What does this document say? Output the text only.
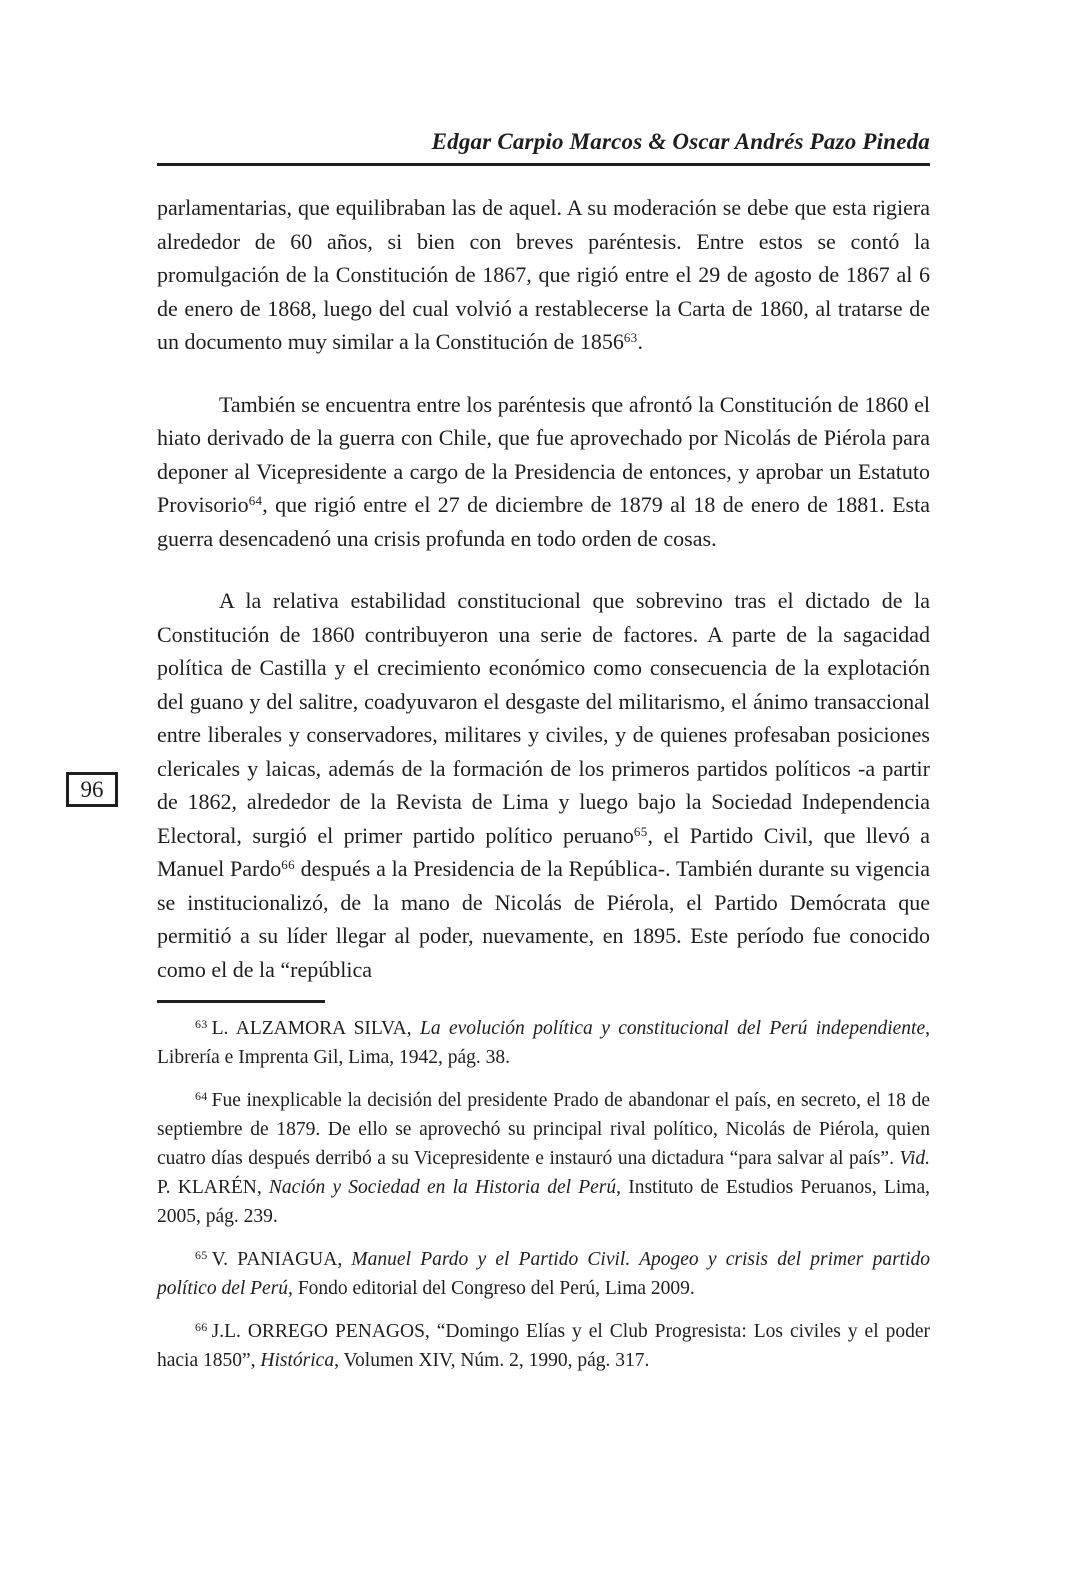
96
Edgar Carpio Marcos & Oscar Andrés Pazo Pineda

parlamentarias, que equilibraban las de aquel. A su moderación se debe que esta rigiera alrededor de 60 años, si bien con breves paréntesis. Entre estos se contó la promulgación de la Constitución de 1867, que rigió entre el 29 de agosto de 1867 al 6 de enero de 1868, luego del cual volvió a restablecerse la Carta de 1860, al tratarse de un documento muy similar a la Constitución de 1856$^{63}$.

También se encuentra entre los paréntesis que afrontó la Constitución de 1860 el hiato derivado de la guerra con Chile, que fue aprovechado por Nicolás de Piérola para deponer al Vicepresidente a cargo de la Presidencia de entonces, y aprobar un Estatuto Provisorio$^{64}$, que rigió entre el 27 de diciembre de 1879 al 18 de enero de 1881. Esta guerra desencadenó una crisis profunda en todo orden de cosas.

A la relativa estabilidad constitucional que sobrevino tras el dictado de la Constitución de 1860 contribuyeron una serie de factores. A parte de la sagacidad política de Castilla y el crecimiento económico como consecuencia de la explotación del guano y del salitre, coadyuvaron el desgaste del militarismo, el ánimo transaccional entre liberales y conservadores, militares y civiles, y de quienes profesaban posiciones clericales y laicas, además de la formación de los primeros partidos políticos -a partir de 1862, alrededor de la Revista de Lima y luego bajo la Sociedad Independencia Electoral, surgió el primer partido político peruano$^{65}$, el Partido Civil, que llevó a Manuel Pardo$^{66}$ después a la Presidencia de la República-. También durante su vigencia se institucionalizó, de la mano de Nicolás de Piérola, el Partido Demócrata que permitió a su líder llegar al poder, nuevamente, en 1895. Este período fue conocido como el de la “república

$^{63}$ L. ALZAMORA SILVA, La evolución política y constitucional del Perú independiente, Librería e Imprenta Gil, Lima, 1942, pág. 38.

$^{64}$ Fue inexplicable la decisión del presidente Prado de abandonar el país, en secreto, el 18 de septiembre de 1879. De ello se aprovechó su principal rival político, Nicolás de Piérola, quien cuatro días después derribó a su Vicepresidente e instauró una dictadura “para salvar al país”. Vid. P. KLARÉN, Nación y Sociedad en la Historia del Perú, Instituto de Estudios Peruanos, Lima, 2005, pág. 239.

$^{65}$ V. PANIAGUA, Manuel Pardo y el Partido Civil. Apogeo y crisis del primer partido político del Perú, Fondo editorial del Congreso del Perú, Lima 2009.

$^{66}$ J.L. ORREGO PENAGOS, “Domingo Elías y el Club Progresista: Los civiles y el poder hacia 1850”, Histórica, Volumen XIV, Núm. 2, 1990, pág. 317.
